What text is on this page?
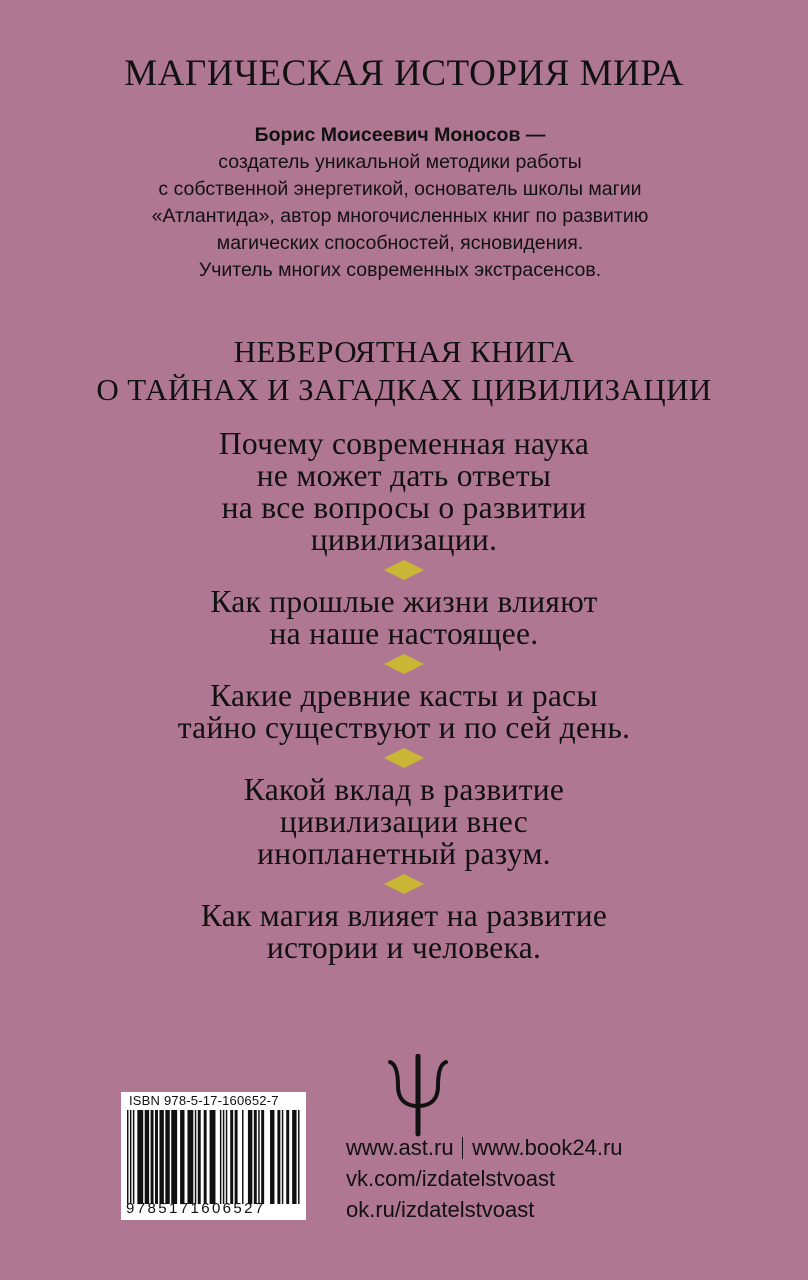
МАГИЧЕСКАЯ ИСТОРИЯ МИРА
Борис Моисеевич Моносов —
создатель уникальной методики работы
с собственной энергетикой, основатель школы магии
«Атлантида», автор многочисленных книг по развитию
магических способностей, ясновидения.
Учитель многих современных экстрасенсов.
НЕВЕРОЯТНАЯ КНИГА
О ТАЙНАХ И ЗАГАДКАХ ЦИВИЛИЗАЦИИ
Почему современная наука
не может дать ответы
на все вопросы о развитии
цивилизации.
Как прошлые жизни влияют
на наше настоящее.
Какие древние касты и расы
тайно существуют и по сей день.
Какой вклад в развитие
цивилизации внес
инопланетный разум.
Как магия влияет на развитие
истории и человека.
www.ast.ru www.book24.ru
vk.com/izdatelstvoast
ok.ru/izdatelstvoast
ISBN 978-5-17-160652-7
9785171606527
